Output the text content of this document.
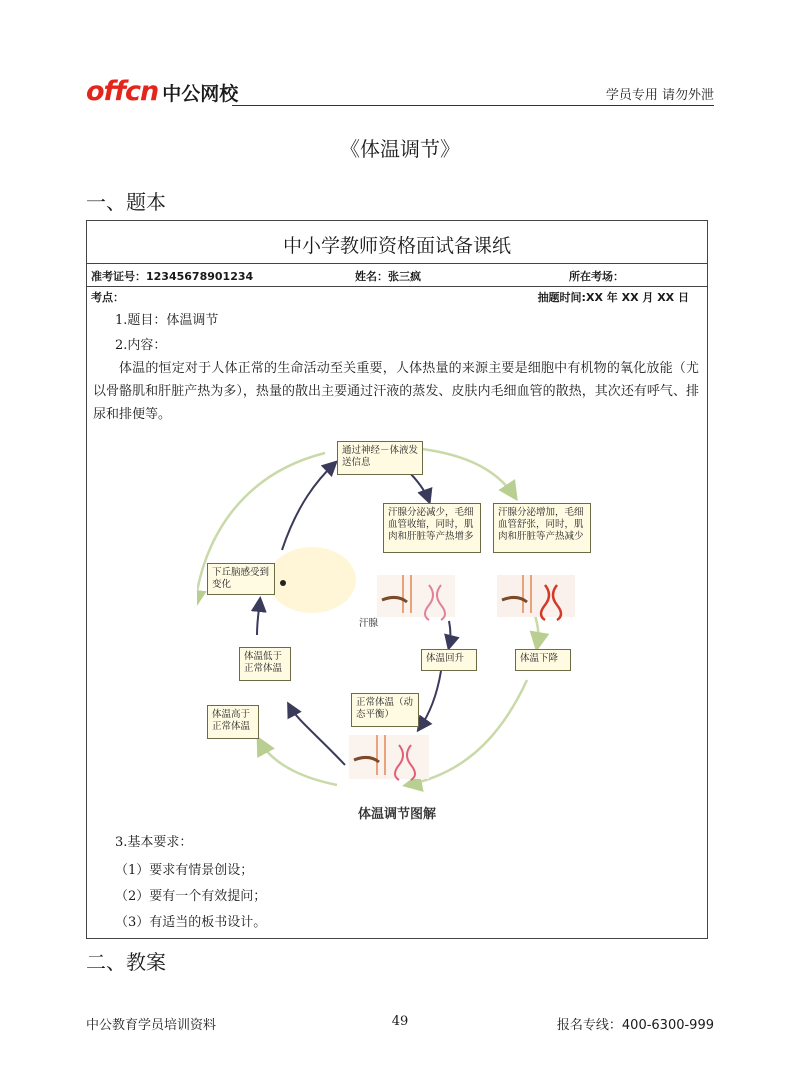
offcn 中公网校	学员专用 请勿外泄
《体温调节》
一、题本
中小学教师资格面试备课纸
准考证号：12345678901234	姓名：张三疯	所在考场：
考点：	抽题时间:XX 年 XX 月 XX 日
1.题目：体温调节
2.内容：
体温的恒定对于人体正常的生命活动至关重要，人体热量的来源主要是细胞中有机物的氧化放能（尤以骨骼肌和肝脏产热为多），热量的散出主要通过汗液的蒸发、皮肤内毛细血管的散热，其次还有呼气、排尿和排便等。
通过神经－体液发送信息
汗腺分泌减少，毛细血管收缩，同时，肌肉和肝脏等产热增多
汗腺分泌增加，毛细血管舒张，同时，肌肉和肝脏等产热减少
下丘脑感受到变化
汗腺
体温回升	体温下降
体温低于正常体温
体温高于正常体温
正常体温（动态平衡）
体温调节图解
3.基本要求：
（1）要求有情景创设；
（2）要有一个有效提问；
（3）有适当的板书设计。
二、教案
中公教育学员培训资料	49	报名专线：400-6300-999
